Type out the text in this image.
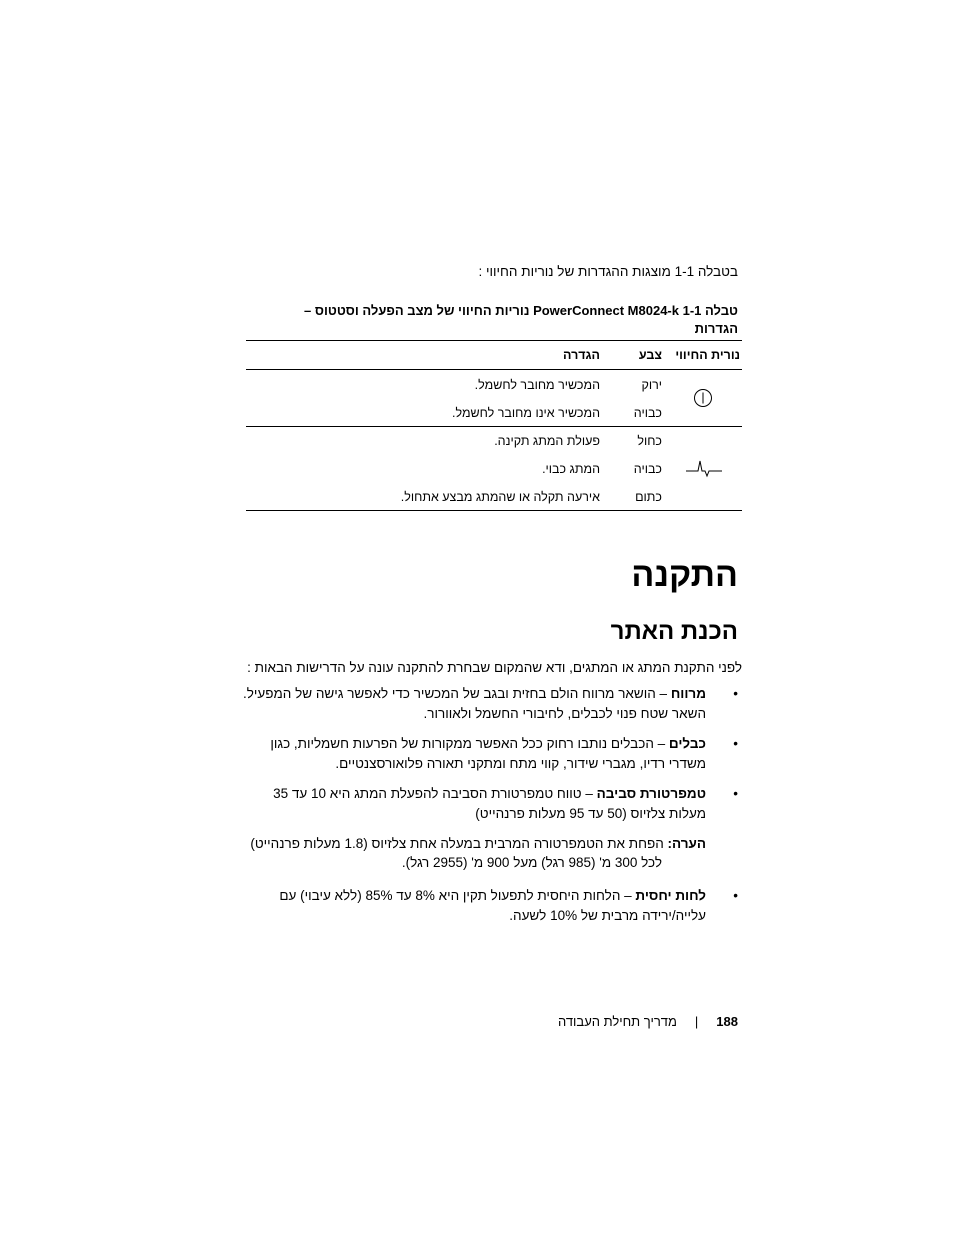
בטבלה 1-1 מוצגות ההגדרות של נוריות החיווי :
טבלה 1-1 PowerConnect M8024-k נוריות החיווי של מצב הפעלה וסטטוס – הגדרות
נורית החיווי
צבע
הגדרה
ירוק
המכשיר מחובר לחשמל.
כבויה
המכשיר אינו מחובר לחשמל.
כחול
פעולת המתג תקינה.
כבויה
המתג כבוי.
כתום
אירעה תקלה או שהמתג מבצע אתחול.
התקנה
הכנת האתר
לפני התקנת המתג או המתגים, ודא שהמקום שבחרת להתקנה עונה על הדרישות הבאות :
•
מרווח – הושאר מרווח הולם בחזית ובגב של המכשיר כדי לאפשר גישה של המפעיל. השאר שטח פנוי לכבלים, לחיבורי החשמל ולאוורור.
•
כבלים – הכבלים נותבו רחוק ככל האפשר ממקורות של הפרעות חשמליות, כגון משדרי רדיו, מגברי שידור, קווי מתח ומתקני תאורה פלואורסצנטיים.
•
טמפרטורת סביבה – טווח טמפרטורת הסביבה להפעלת המתג היא 10 עד 35 מעלות צלזיוס (50 עד 95 מעלות פרנהייט)
הערה: הפחת את הטמפרטורה המרבית במעלה אחת צלזיוס (1.8 מעלות פרנהייט)
לכל 300 מ' (985 רגל) מעל 900 מ' (2955 רגל).
•
לחות יחסית – הלחות היחסית לתפעול תקין היא 8% עד 85% (ללא עיבוי) עם עלייה/ירידה מרבית של 10% לשעה.
188|מדריך תחילת העבודה
